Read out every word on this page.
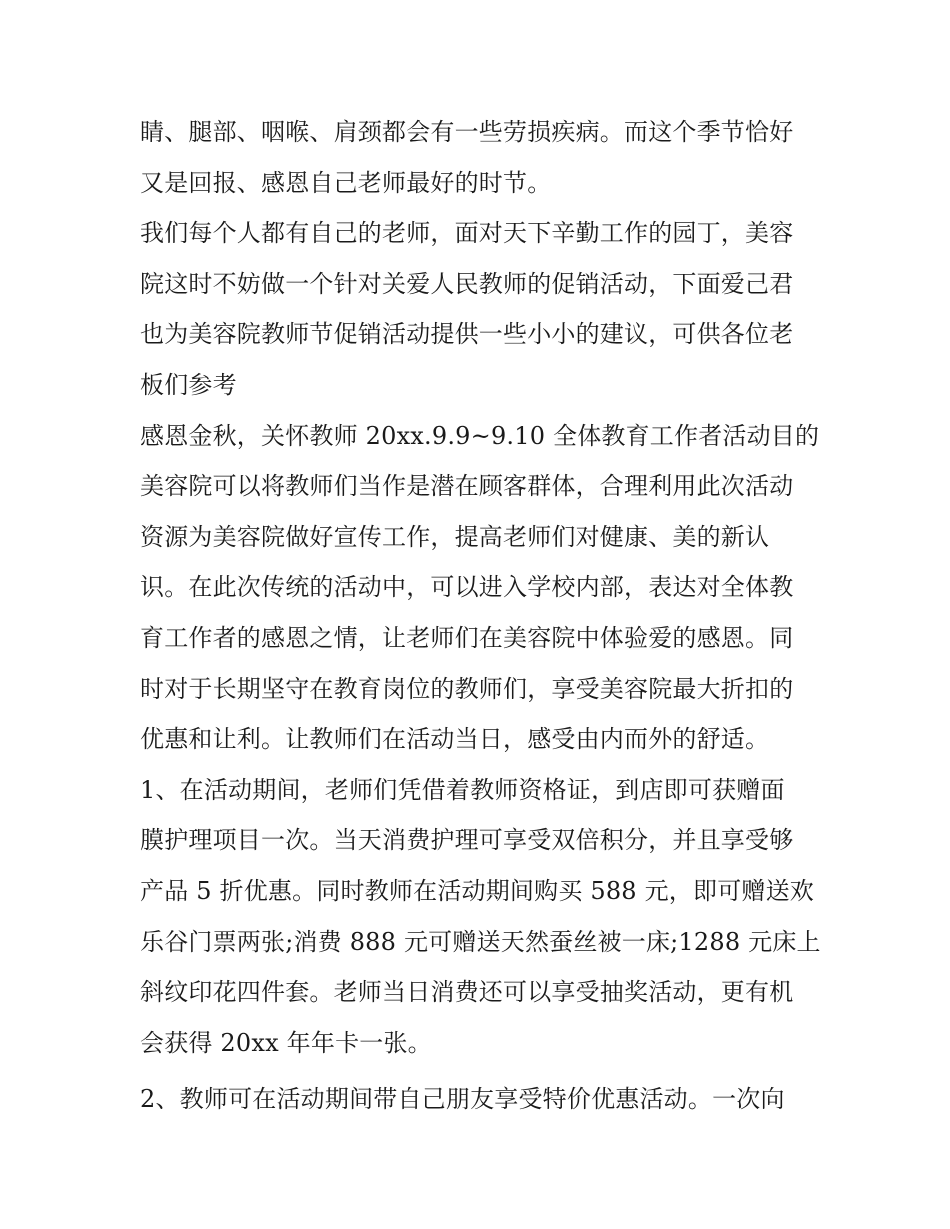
睛、腿部、咽喉、肩颈都会有一些劳损疾病。而这个季节恰好
又是回报、感恩自己老师最好的时节。
我们每个人都有自己的老师，面对天下辛勤工作的园丁，美容
院这时不妨做一个针对关爱人民教师的促销活动，下面爱己君
也为美容院教师节促销活动提供一些小小的建议，可供各位老
板们参考
感恩金秋，关怀教师 20xx.9.9~9.10 全体教育工作者活动目的
美容院可以将教师们当作是潜在顾客群体，合理利用此次活动
资源为美容院做好宣传工作，提高老师们对健康、美的新认
识。在此次传统的活动中，可以进入学校内部，表达对全体教
育工作者的感恩之情，让老师们在美容院中体验爱的感恩。同
时对于长期坚守在教育岗位的教师们，享受美容院最大折扣的
优惠和让利。让教师们在活动当日，感受由内而外的舒适。
1、在活动期间，老师们凭借着教师资格证，到店即可获赠面
膜护理项目一次。当天消费护理可享受双倍积分，并且享受够
产品 5 折优惠。同时教师在活动期间购买 588 元，即可赠送欢
乐谷门票两张;消费 888 元可赠送天然蚕丝被一床;1288 元床上
斜纹印花四件套。老师当日消费还可以享受抽奖活动，更有机
会获得 20xx 年年卡一张。
2、教师可在活动期间带自己朋友享受特价优惠活动。一次向
